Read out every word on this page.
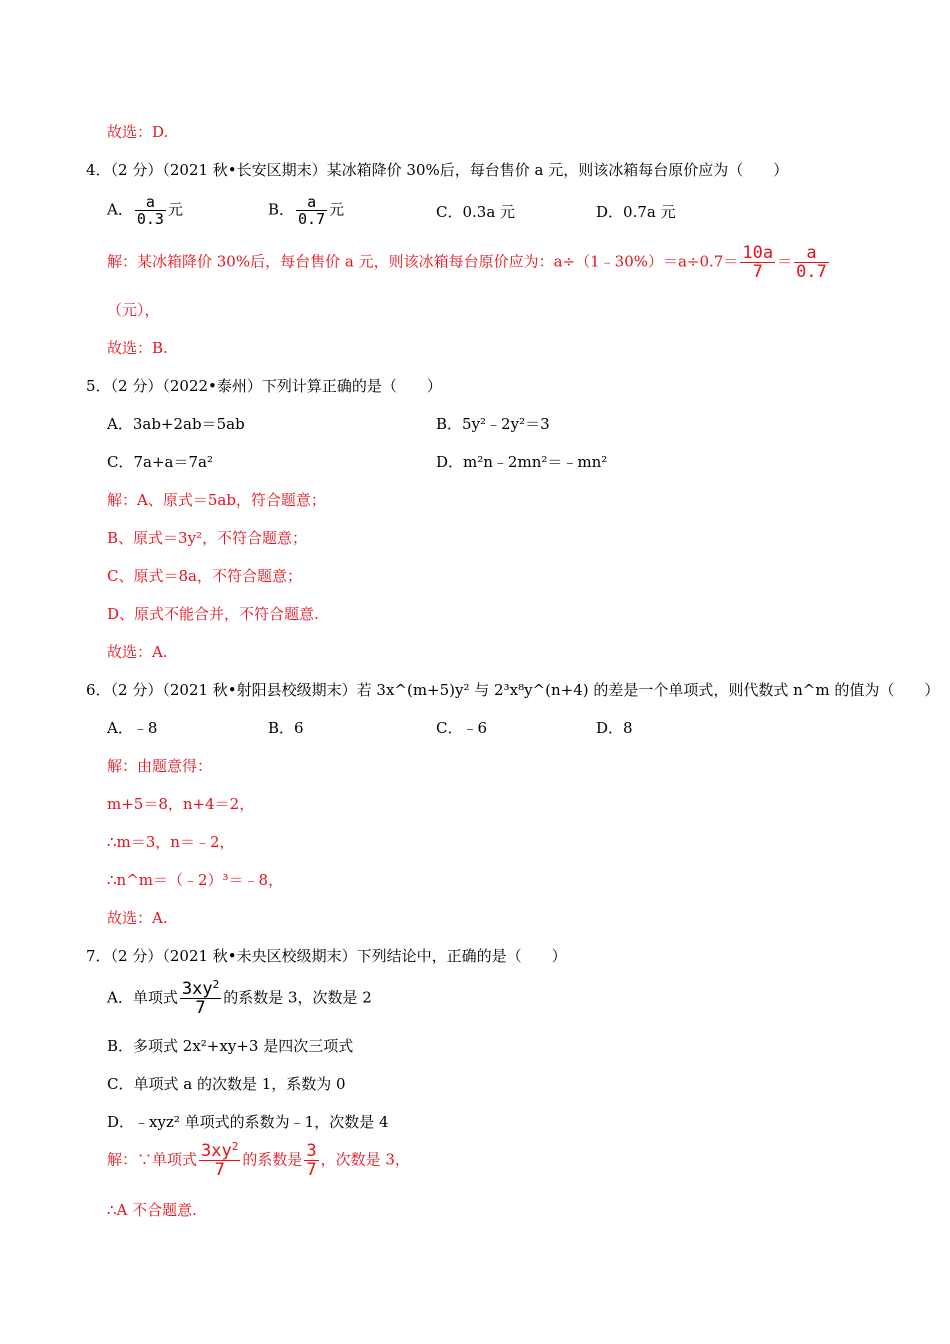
故选：D.
4．（2 分）（2021 秋•长安区期末）某冰箱降价 30%后，每台售价 a 元，则该冰箱每台原价应为（　　）
A． $\frac{a}{0.3}$ 元	B． $\frac{a}{0.7}$ 元	C．0.3a 元	D．0.7a 元
解：某冰箱降价 30%后，每台售价 a 元，则该冰箱每台原价应为：a÷（1﹣30%）＝a÷0.7＝ $\frac{10a}{7} = \frac{a}{0.7}$
（元），
故选：B.
5．（2 分）（2022•泰州）下列计算正确的是（　　）
A．3ab+2ab＝5ab	B．5y²﹣2y²＝3
C．7a+a＝7a²	D．m²n﹣2mn²＝﹣mn²
解：A、原式＝5ab，符合题意；
B、原式＝3y²，不符合题意；
C、原式＝8a，不符合题意；
D、原式不能合并，不符合题意.
故选：A.
6．（2 分）（2021 秋•射阳县校级期末）若 3x^(m+5)y² 与 2³x⁸y^(n+4) 的差是一个单项式，则代数式 n^m 的值为（　　）
A．﹣8	B．6	C．﹣6	D．8
解：由题意得：
m+5＝8，n+4＝2，
∴m＝3，n＝﹣2，
∴n^m＝（﹣2）³＝﹣8，
故选：A.
7．（2 分）（2021 秋•未央区校级期末）下列结论中，正确的是（　　）
A．单项式 $\frac{3xy^2}{7}$ 的系数是 3，次数是 2
B．多项式 2x²+xy+3 是四次三项式
C．单项式 a 的次数是 1，系数为 0
D．﹣xyz² 单项式的系数为﹣1，次数是 4
解：∵单项式 $\frac{3xy^2}{7}$ 的系数是 $\frac{3}{7}$ ，次数是 3，
∴A 不合题意.
